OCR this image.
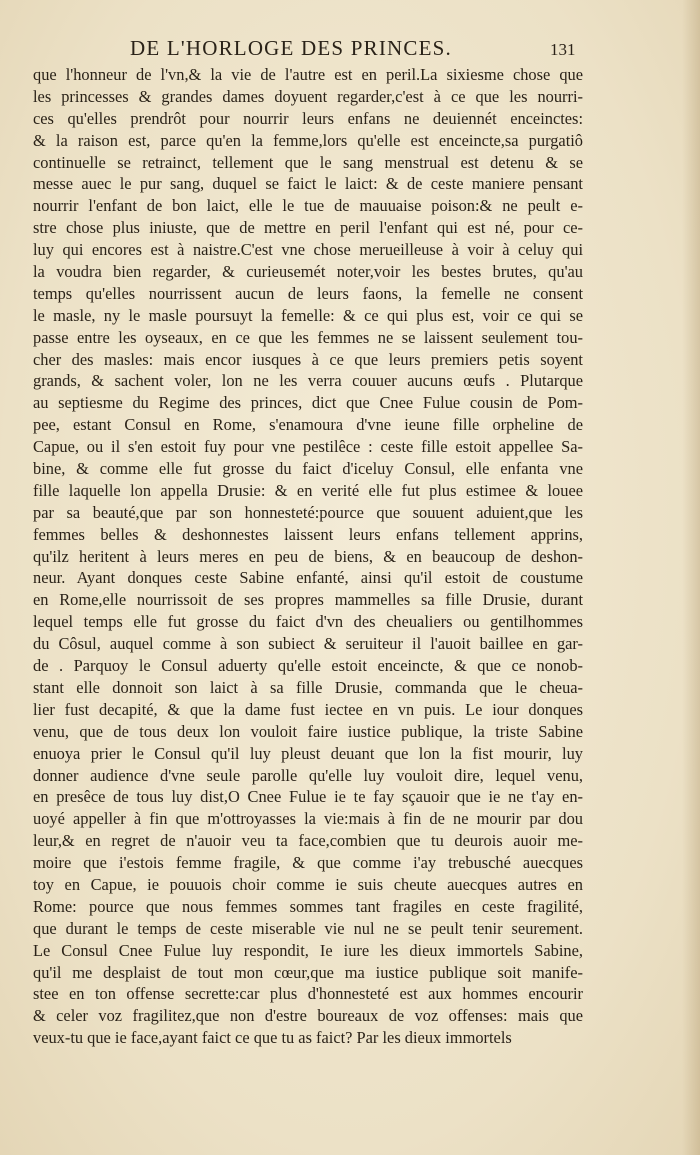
DE L'HORLOGE DES PRINCES.	131
que l'honneur de l'vn,& la vie de l'autre est en peril.La sixiesme chose que
les princesses & grandes dames doyuent regarder,c'est à ce que les nourri-
ces qu'elles prendrôt pour nourrir leurs enfans ne deuiennét enceinctes:
& la raison est, parce qu'en la femme,lors qu'elle est enceincte,sa purgatiô
continuelle se retrainct, tellement que le sang menstrual est detenu & se
messe auec le pur sang, duquel se faict le laict: & de ceste maniere pensant
nourrir l'enfant de bon laict, elle le tue de mauuaise poison:& ne peult e-
stre chose plus iniuste, que de mettre en peril l'enfant qui est né, pour ce-
luy qui encores est à naistre.C'est vne chose merueilleuse à voir à celuy qui
la voudra bien regarder, & curieusemét noter,voir les bestes brutes, qu'au
temps qu'elles nourrissent aucun de leurs faons, la femelle ne consent
le masle, ny le masle poursuyt la femelle: & ce qui plus est, voir ce qui se
passe entre les oyseaux, en ce que les femmes ne se laissent seulement tou-
cher des masles: mais encor iusques à ce que leurs premiers petis soyent
grands, & sachent voler, lon ne les verra couuer aucuns œufs . Plutarque
au septiesme du Regime des princes, dict que Cnee Fulue cousin de Pom-
pee, estant Consul en Rome, s'enamoura d'vne ieune fille orpheline de
Capue, ou il s'en estoit fuy pour vne pestilêce : ceste fille estoit appellee Sa-
bine, & comme elle fut grosse du faict d'iceluy Consul, elle enfanta vne
fille laquelle lon appella Drusie: & en verité elle fut plus estimee & louee
par sa beauté,que par son honnesteté:pource que souuent aduient,que les
femmes belles & deshonnestes laissent leurs enfans tellement apprins,
qu'ilz heritent à leurs meres en peu de biens, & en beaucoup de deshon-
neur. Ayant donques ceste Sabine enfanté, ainsi qu'il estoit de coustume
en Rome,elle nourrissoit de ses propres mammelles sa fille Drusie, durant
lequel temps elle fut grosse du faict d'vn des cheualiers ou gentilhommes
du Côsul, auquel comme à son subiect & seruiteur il l'auoit baillee en gar-
de . Parquoy le Consul aduerty qu'elle estoit enceincte, & que ce nonob-
stant elle donnoit son laict à sa fille Drusie, commanda que le cheua-
lier fust decapité, & que la dame fust iectee en vn puis. Le iour donques
venu, que de tous deux lon vouloit faire iustice publique, la triste Sabine
enuoya prier le Consul qu'il luy pleust deuant que lon la fist mourir, luy
donner audience d'vne seule parolle qu'elle luy vouloit dire, lequel venu,
en presêce de tous luy dist,O Cnee Fulue ie te fay sçauoir que ie ne t'ay en-
uoyé appeller à fin que m'ottroyasses la vie:mais à fin de ne mourir par dou
leur,& en regret de n'auoir veu ta face,combien que tu deurois auoir me-
moire que i'estois femme fragile, & que comme i'ay trebusché auecques
toy en Capue, ie pouuois choir comme ie suis cheute auecques autres en
Rome: pource que nous femmes sommes tant fragiles en ceste fragilité,
que durant le temps de ceste miserable vie nul ne se peult tenir seurement.
Le Consul Cnee Fulue luy respondit, Ie iure les dieux immortels Sabine,
qu'il me desplaist de tout mon cœur,que ma iustice publique soit manife-
stee en ton offense secrette:car plus d'honnesteté est aux hommes encourir
& celer voz fragilitez,que non d'estre boureaux de voz offenses: mais que
veux-tu que ie face,ayant faict ce que tu as faict? Par les dieux immortels
